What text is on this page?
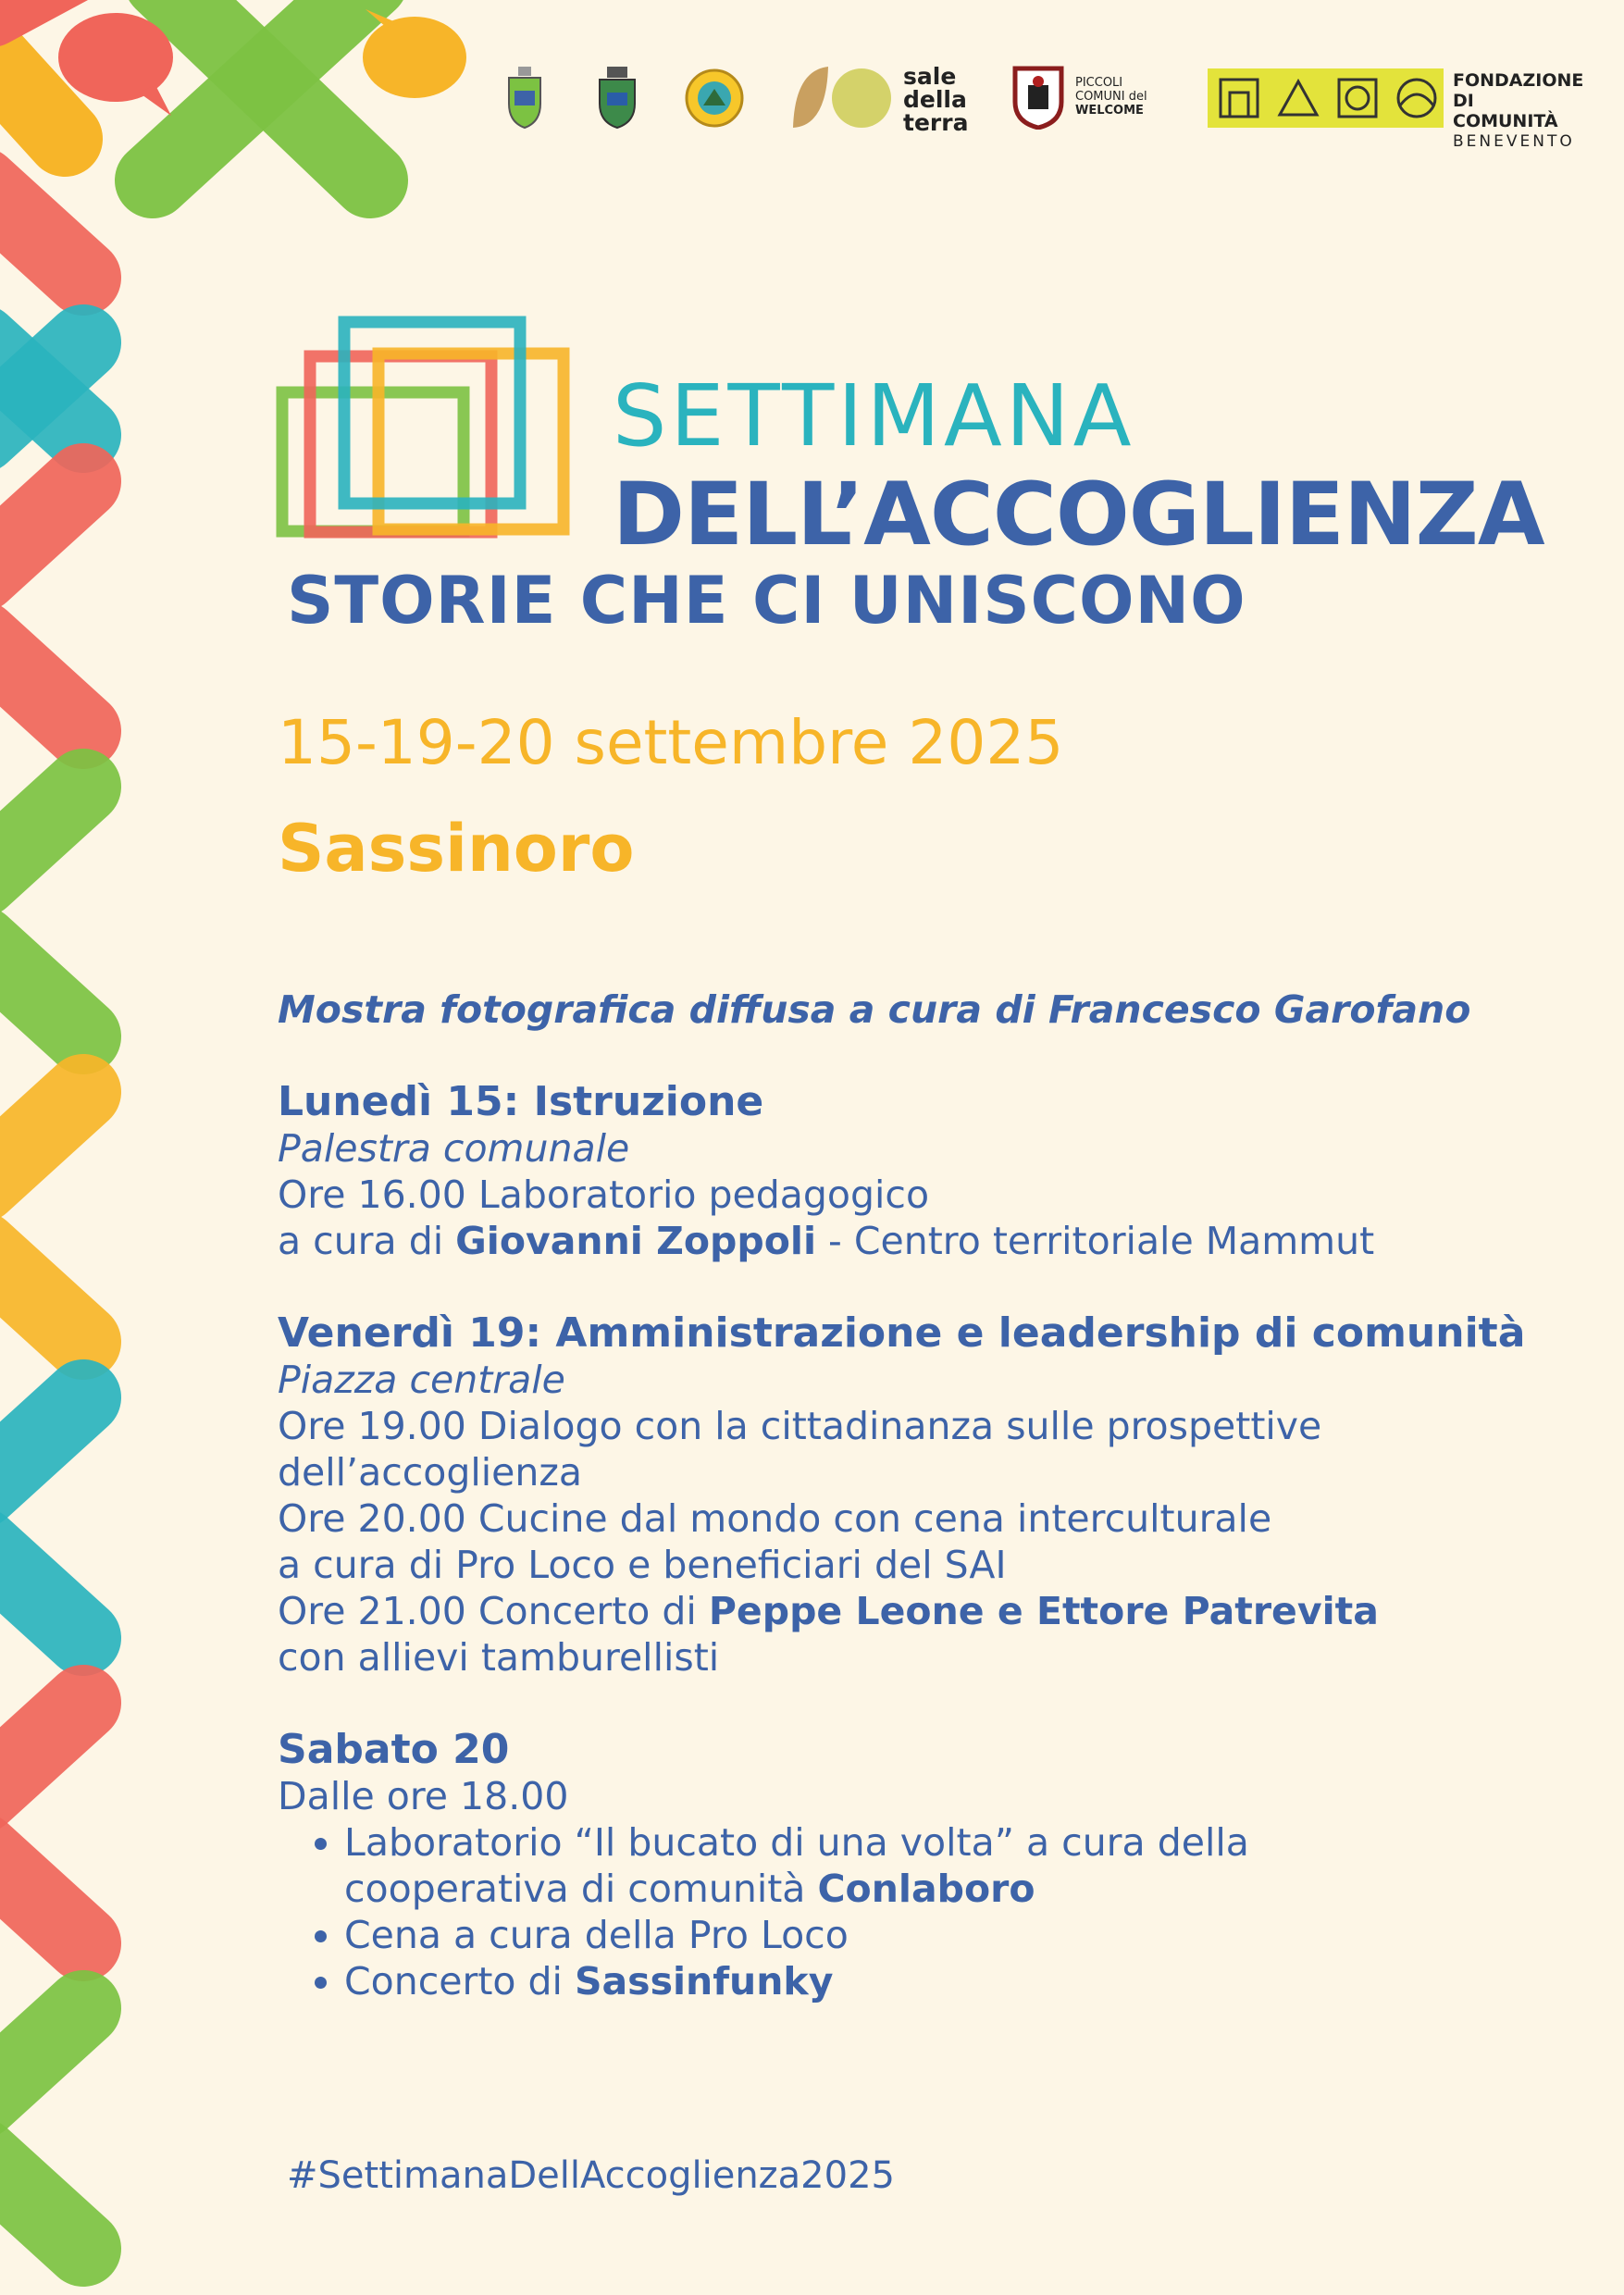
sale
della
terra
PICCOLI
COMUNI del
WELCOME
FONDAZIONE
DI COMUNITÀ
BENEVENTO
SETTIMANA
DELL’ACCOGLIENZA
STORIE CHE CI UNISCONO
15-19-20 settembre 2025
Sassinoro

Mostra fotografica diffusa a cura di Francesco Garofano

Lunedì 15: Istruzione

Palestra comunale

Ore 16.00 Laboratorio pedagogico

a cura di Giovanni Zoppoli - Centro territoriale Mammut

Venerdì 19: Amministrazione e leadership di comunità

Piazza centrale

Ore 19.00 Dialogo con la cittadinanza sulle prospettive

dell’accoglienza

Ore 20.00 Cucine dal mondo con cena interculturale

a cura di Pro Loco e beneficiari del SAI

Ore 21.00 Concerto di Peppe Leone e Ettore Patrevita

con allievi tamburellisti

Sabato 20

Dalle ore 18.00

• Laboratorio “Il bucato di una volta” a cura della
cooperativa di comunità Conlaboro
• Cena a cura della Pro Loco
• Concerto di Sassinfunky
#SettimanaDellAccoglienza2025
